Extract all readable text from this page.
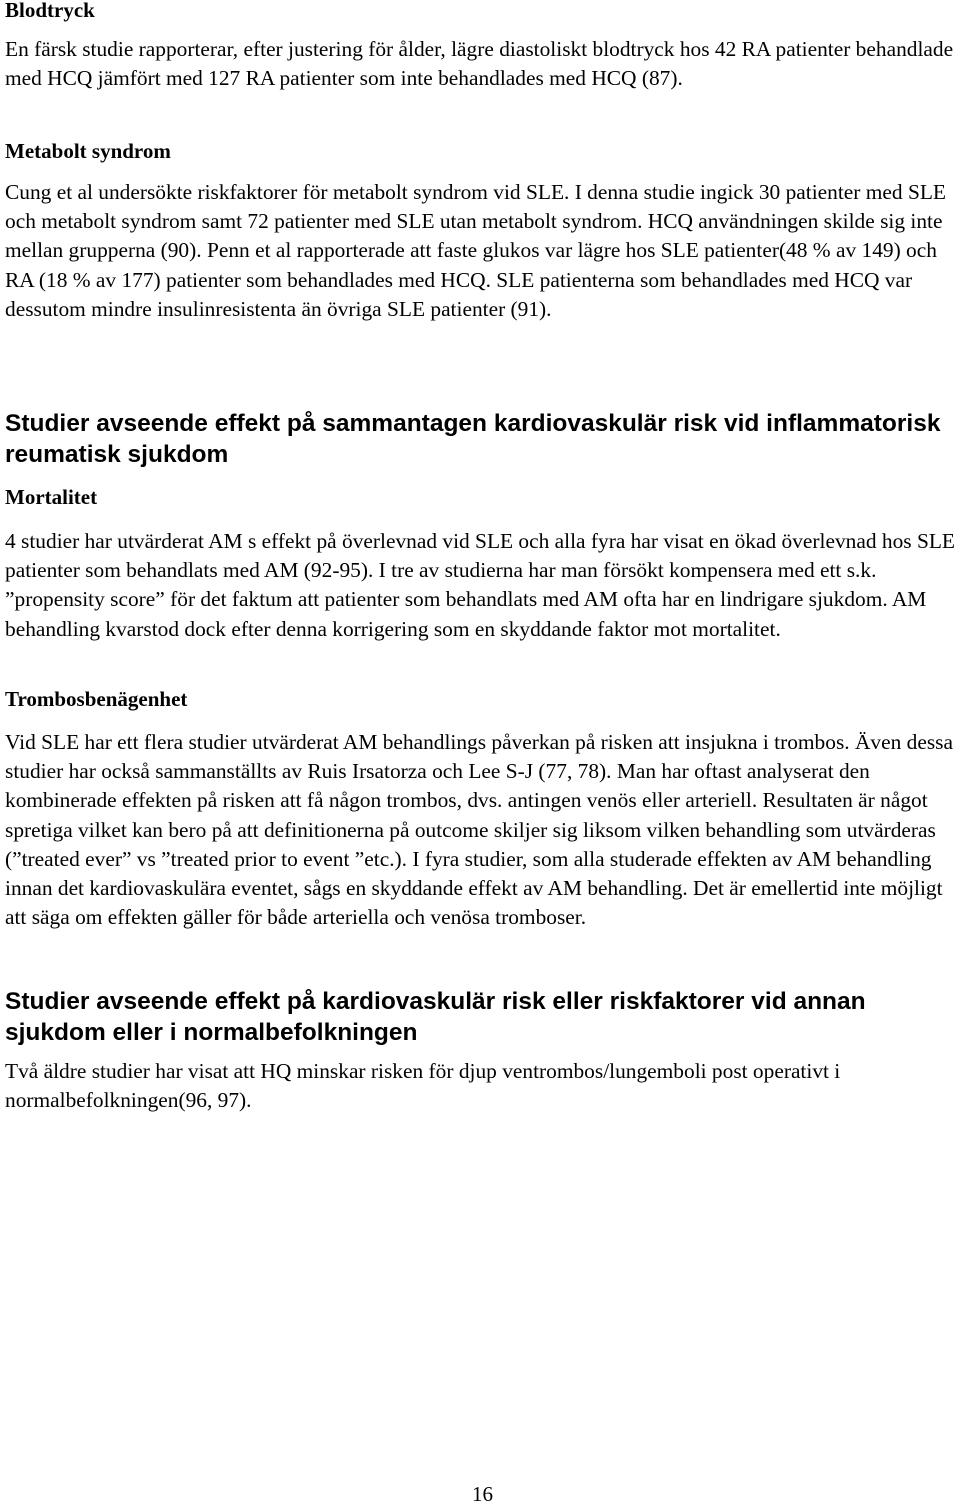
Blodtryck

En färsk studie rapporterar, efter justering för ålder, lägre diastoliskt blodtryck hos 42 RA patienter behandlade med HCQ jämfört med 127 RA patienter som inte behandlades med HCQ (87).

Metabolt syndrom

Cung et al undersökte riskfaktorer för metabolt syndrom vid SLE. I denna studie ingick 30 patienter med SLE och metabolt syndrom samt 72 patienter med SLE utan metabolt syndrom. HCQ användningen skilde sig inte mellan grupperna (90). Penn et al rapporterade att faste glukos var lägre hos SLE patienter(48 % av 149) och RA (18 % av 177) patienter som behandlades med HCQ. SLE patienterna som behandlades med HCQ var dessutom mindre insulinresistenta än övriga SLE patienter (91).

Studier avseende effekt på sammantagen kardiovaskulär risk vid inflammatorisk reumatisk sjukdom
Mortalitet

4 studier har utvärderat AM s effekt på överlevnad vid SLE och alla fyra har visat en ökad överlevnad hos SLE patienter som behandlats med AM (92-95). I tre av studierna har man försökt kompensera med ett s.k. ”propensity score” för det faktum att patienter som behandlats med AM ofta har en lindrigare sjukdom. AM behandling kvarstod dock efter denna korrigering som en skyddande faktor mot mortalitet.

Trombosbenägenhet

Vid SLE har ett flera studier utvärderat AM behandlings påverkan på risken att insjukna i trombos. Även dessa studier har också sammanställts av Ruis Irsatorza och Lee S-J (77, 78). Man har oftast analyserat den kombinerade effekten på risken att få någon trombos, dvs. antingen venös eller arteriell. Resultaten är något spretiga vilket kan bero på att definitionerna på outcome skiljer sig liksom vilken behandling som utvärderas (”treated ever” vs ”treated prior to event ”etc.). I fyra studier, som alla studerade effekten av AM behandling innan det kardiovaskulära eventet, sågs en skyddande effekt av AM behandling. Det är emellertid inte möjligt att säga om effekten gäller för både arteriella och venösa tromboser.

Studier avseende effekt på kardiovaskulär risk eller riskfaktorer vid annan sjukdom eller i normalbefolkningen

Två äldre studier har visat att HQ minskar risken för djup ventrombos/lungemboli post operativt i normalbefolkningen(96, 97).

16
